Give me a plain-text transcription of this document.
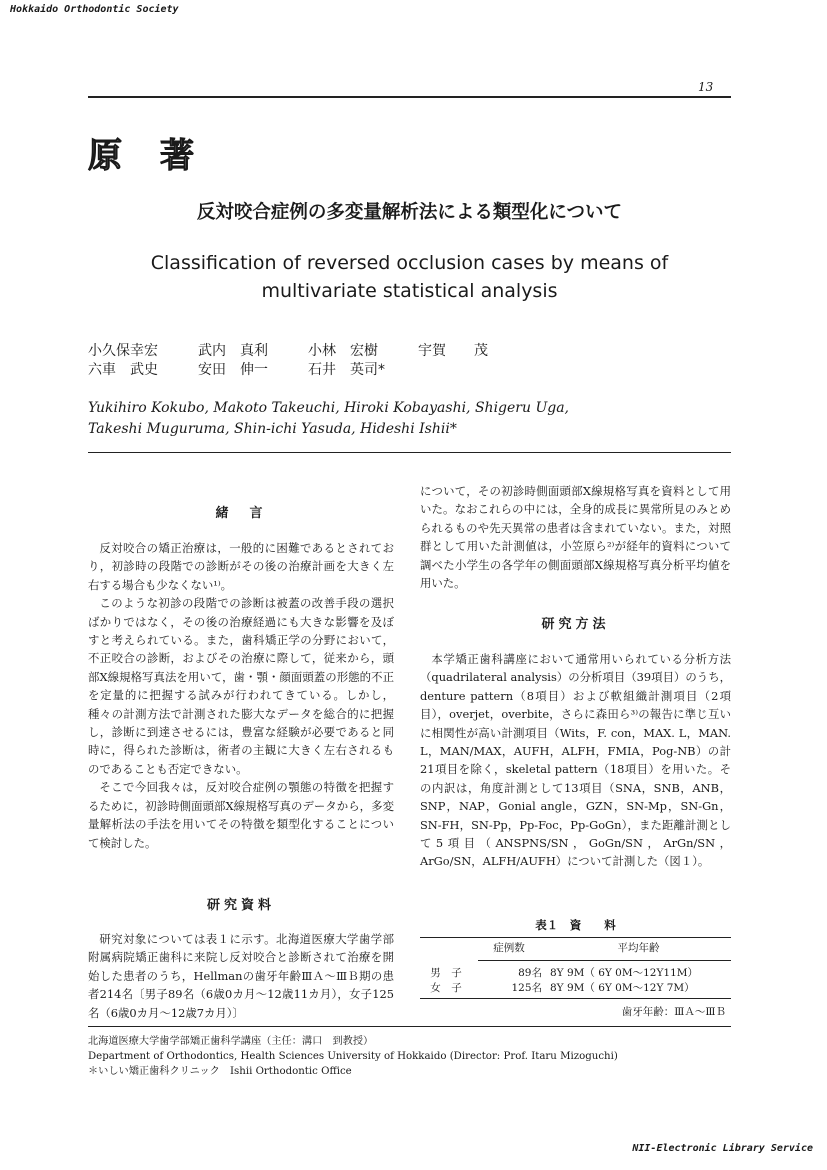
Hokkaido Orthodontic Society
13
原　著
反対咬合症例の多変量解析法による類型化について
Classification of reversed occlusion cases by means of
multivariate statistical analysis
小久保幸宏	武内　真利	小林　宏樹	宇賀　　茂
六車　武史	安田　伸一	石井　英司*
Yukihiro Kokubo, Makoto Takeuchi, Hiroki Kobayashi, Shigeru Uga,
Takeshi Muguruma, Shin-ichi Yasuda, Hideshi Ishii*
緒　言

反対咬合の矯正治療は，一般的に困難であるとされており，初診時の段階での診断がその後の治療計画を大きく左右する場合も少なくない¹⁾。

このような初診の段階での診断は被蓋の改善手段の選択ばかりではなく，その後の治療経過にも大きな影響を及ぼすと考えられている。また，歯科矯正学の分野において，不正咬合の診断，およびその治療に際して，従来から，頭部X線規格写真法を用いて，歯・顎・顔面頭蓋の形態的不正を定量的に把握する試みが行われてきている。しかし，種々の計測方法で計測された膨大なデータを総合的に把握し，診断に到達させるには，豊富な経験が必要であると同時に，得られた診断は，術者の主観に大きく左右されるものであることも否定できない。

そこで今回我々は，反対咬合症例の顎態の特徴を把握するために，初診時側面頭部X線規格写真のデータから，多変量解析法の手法を用いてその特徴を類型化することについて検討した。

研究資料

研究対象については表１に示す。北海道医療大学歯学部附属病院矯正歯科に来院し反対咬合と診断されて治療を開始した患者のうち，Hellmanの歯牙年齢ⅢＡ～ⅢＢ期の患者214名〔男子89名（6歳0カ月～12歳11カ月），女子125名（6歳0カ月～12歳7カ月）〕

について，その初診時側面頭部X線規格写真を資料として用いた。なおこれらの中には，全身的成長に異常所見のみとめられるものや先天異常の患者は含まれていない。また，対照群として用いた計測値は，小笠原ら²⁾が経年的資料について調べた小学生の各学年の側面頭部X線規格写真分析平均値を用いた。

研究方法

本学矯正歯科講座において通常用いられている分析方法（quadrilateral analysis）の分析項目（39項目）のうち，denture pattern（8項目）および軟組織計測項目（2項目），overjet，overbite，さらに森田ら³⁾の報告に準じ互いに相関性が高い計測項目（Wits，F. con，MAX. L，MAN. L，MAN/MAX，AUFH，ALFH，FMIA，Pog-NB）の計21項目を除く，skeletal pattern（18項目）を用いた。その内訳は，角度計測として13項目（SNA，SNB，ANB，SNP，NAP，Gonial angle，GZN，SN-Mp，SN-Gn，SN-FH，SN-Pp，Pp-Foc，Pp-GoGn），また距離計測として5項目（ANSPNS/SN，GoGn/SN，ArGn/SN，ArGo/SN，ALFH/AUFH）について計測した（図１）。

表１　資　　料
	症例数	平均年齢
男　子	89名	8Y 9M（ 6Y 0M～12Y11M）
女　子	125名	8Y 9M（ 6Y 0M～12Y 7M）
歯牙年齢：ⅢＡ～ⅢＢ
北海道医療大学歯学部矯正歯科学講座（主任：溝口　到教授）
Department of Orthodontics, Health Sciences University of Hokkaido (Director: Prof. Itaru Mizoguchi)
＊いしい矯正歯科クリニック　Ishii Orthodontic Office
NII-Electronic Library Service
